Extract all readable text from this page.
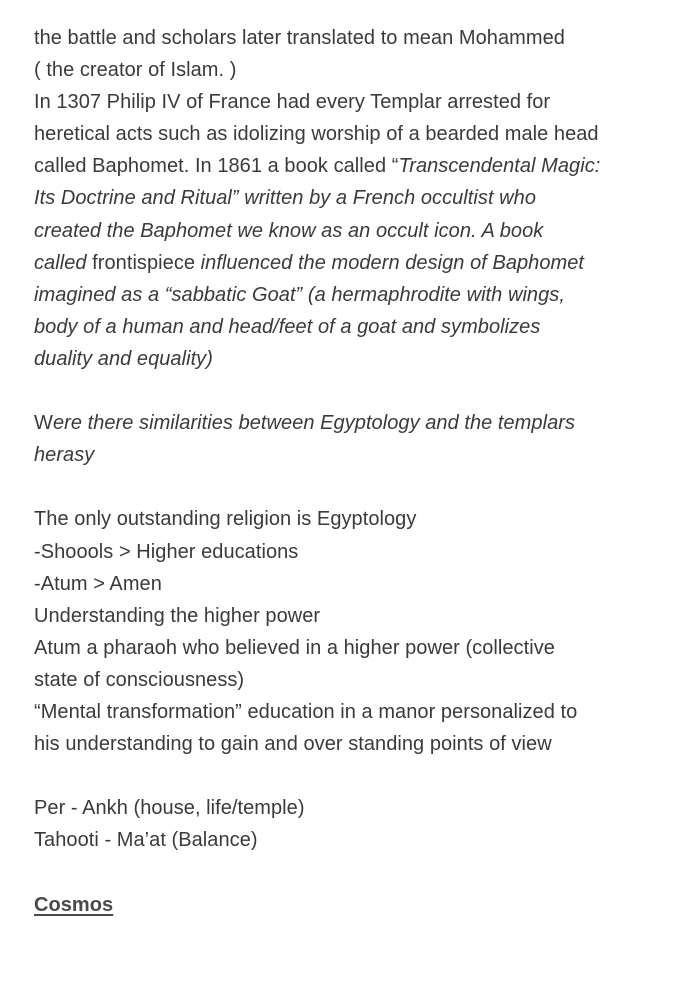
the battle and scholars later translated to mean Mohammed
( the creator of Islam. )
In 1307 Philip IV of France had every Templar arrested for
heretical acts such as idolizing worship of a bearded male head
called Baphomet. In 1861 a book called “Transcendental Magic:
Its Doctrine and Ritual” written by a French occultist who
created the Baphomet we know as an occult icon. A book
called frontispiece influenced the modern design of Baphomet
imagined as a “sabbatic Goat” (a hermaphrodite with wings,
body of a human and head/feet of a goat and symbolizes
duality and equality)
Were there similarities between Egyptology and the templars
herasy
The only outstanding religion is Egyptology
-Shoools > Higher educations
-Atum > Amen
Understanding the higher power
Atum a pharaoh who believed in a higher power (collective
state of consciousness)
“Mental transformation” education in a manor personalized to
his understanding to gain and over standing points of view
Per - Ankh (house, life/temple)
Tahooti - Ma’at (Balance)
Cosmos
